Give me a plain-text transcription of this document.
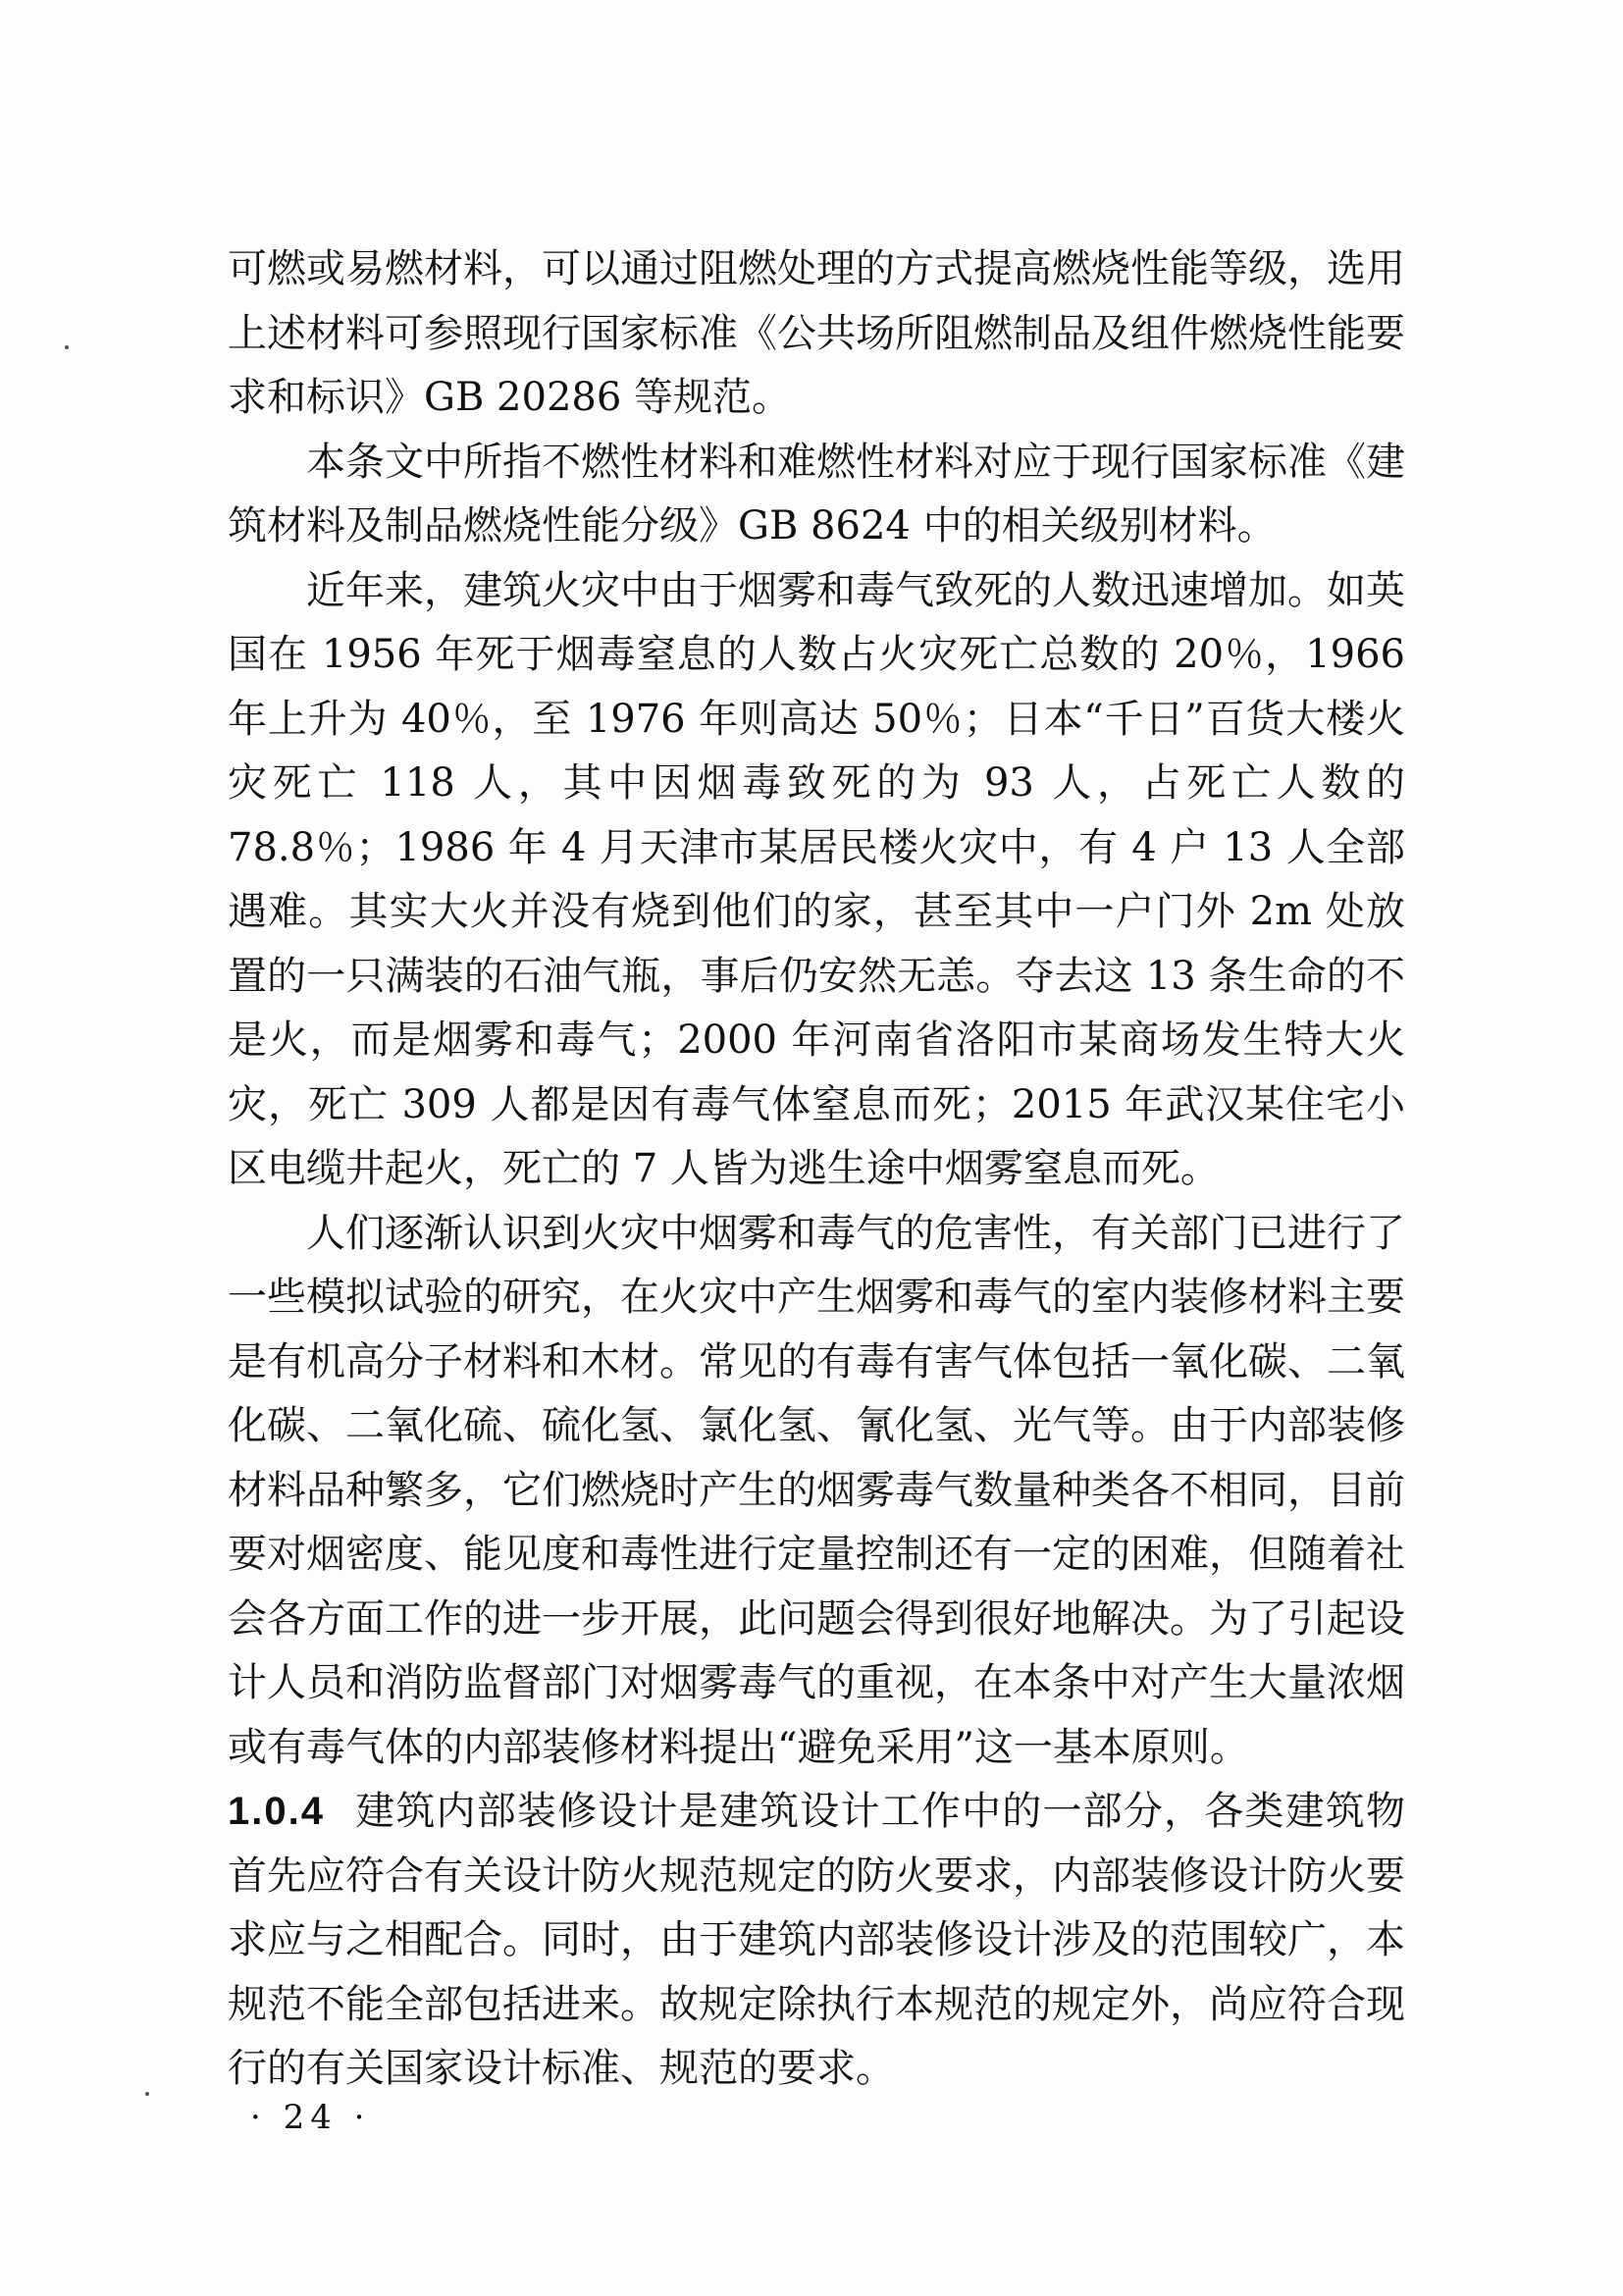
可燃或易燃材料，可以通过阻燃处理的方式提高燃烧性能等级，选用上述材料可参照现行国家标准《公共场所阻燃制品及组件燃烧性能要求和标识》GB 20286 等规范。

本条文中所指不燃性材料和难燃性材料对应于现行国家标准《建筑材料及制品燃烧性能分级》GB 8624 中的相关级别材料。

近年来，建筑火灾中由于烟雾和毒气致死的人数迅速增加。如英国在 1956 年死于烟毒窒息的人数占火灾死亡总数的 20％，1966 年上升为 40％，至 1976 年则高达 50％；日本“千日”百货大楼火灾死亡 118 人，其中因烟毒致死的为 93 人，占死亡人数的 78.8％；1986 年 4 月天津市某居民楼火灾中，有 4 户 13 人全部遇难。其实大火并没有烧到他们的家，甚至其中一户门外 2m 处放置的一只满装的石油气瓶，事后仍安然无恙。夺去这 13 条生命的不是火，而是烟雾和毒气；2000 年河南省洛阳市某商场发生特大火灾，死亡 309 人都是因有毒气体窒息而死；2015 年武汉某住宅小区电缆井起火，死亡的 7 人皆为逃生途中烟雾窒息而死。

人们逐渐认识到火灾中烟雾和毒气的危害性，有关部门已进行了一些模拟试验的研究，在火灾中产生烟雾和毒气的室内装修材料主要是有机高分子材料和木材。常见的有毒有害气体包括一氧化碳、二氧化碳、二氧化硫、硫化氢、氯化氢、氰化氢、光气等。由于内部装修材料品种繁多，它们燃烧时产生的烟雾毒气数量种类各不相同，目前要对烟密度、能见度和毒性进行定量控制还有一定的困难，但随着社会各方面工作的进一步开展，此问题会得到很好地解决。为了引起设计人员和消防监督部门对烟雾毒气的重视，在本条中对产生大量浓烟或有毒气体的内部装修材料提出“避免采用”这一基本原则。

1.0.4 建筑内部装修设计是建筑设计工作中的一部分，各类建筑物首先应符合有关设计防火规范规定的防火要求，内部装修设计防火要求应与之相配合。同时，由于建筑内部装修设计涉及的范围较广，本规范不能全部包括进来。故规定除执行本规范的规定外，尚应符合现行的有关国家设计标准、规范的要求。

· 24 ·
